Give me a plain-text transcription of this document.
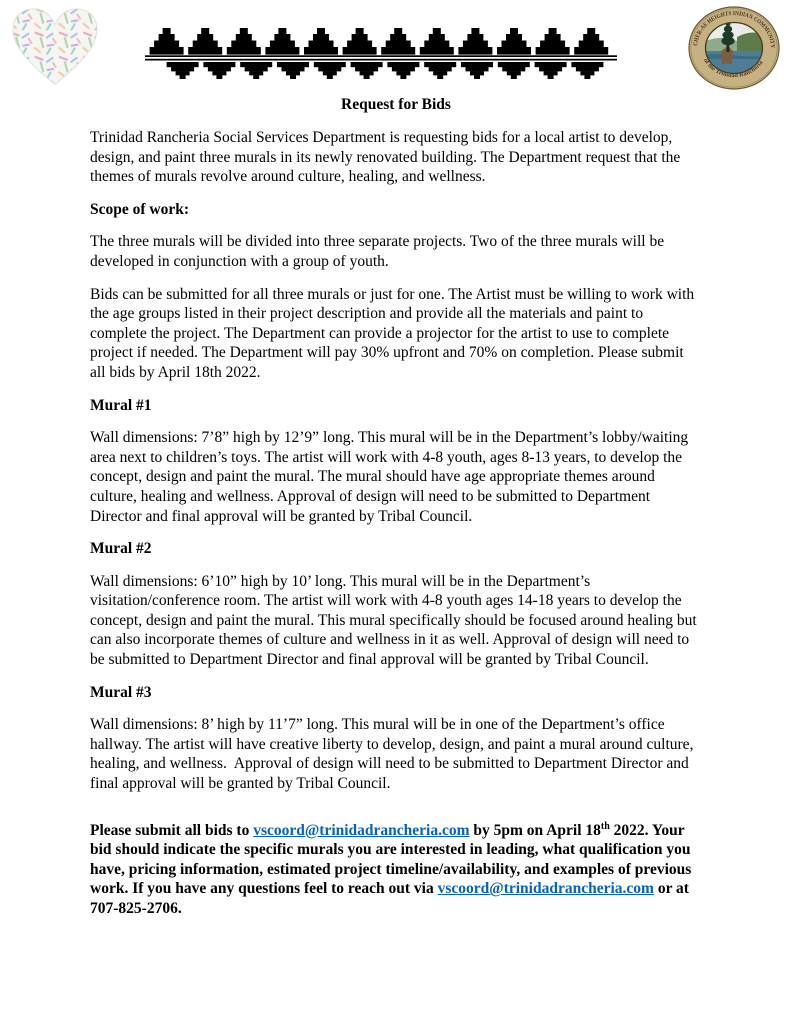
CHER-AE HEIGHTS INDIAN COMMUNITY
of the Trinidad Rancheria
Request for Bids

Trinidad Rancheria Social Services Department is requesting bids for a local artist to develop, design, and paint three murals in its newly renovated building. The Department request that the themes of murals revolve around culture, healing, and wellness.

Scope of work:

The three murals will be divided into three separate projects. Two of the three murals will be developed in conjunction with a group of youth.

Bids can be submitted for all three murals or just for one. The Artist must be willing to work with the age groups listed in their project description and provide all the materials and paint to complete the project. The Department can provide a projector for the artist to use to complete project if needed. The Department will pay 30% upfront and 70% on completion. Please submit all bids by April 18th 2022.

Mural #1

Wall dimensions: 7’8” high by 12’9” long. This mural will be in the Department’s lobby/waiting area next to children’s toys. The artist will work with 4-8 youth, ages 8-13 years, to develop the concept, design and paint the mural. The mural should have age appropriate themes around culture, healing and wellness. Approval of design will need to be submitted to Department Director and final approval will be granted by Tribal Council.

Mural #2

Wall dimensions: 6’10” high by 10’ long. This mural will be in the Department’s visitation/conference room. The artist will work with 4-8 youth ages 14-18 years to develop the concept, design and paint the mural. This mural specifically should be focused around healing but can also incorporate themes of culture and wellness in it as well. Approval of design will need to be submitted to Department Director and final approval will be granted by Tribal Council.

Mural #3

Wall dimensions: 8’ high by 11’7” long. This mural will be in one of the Department’s office hallway. The artist will have creative liberty to develop, design, and paint a mural around culture, healing, and wellness.  Approval of design will need to be submitted to Department Director and final approval will be granted by Tribal Council.

Please submit all bids to vscoord@trinidadrancheria.com by 5pm on April 18th 2022. Your bid should indicate the specific murals you are interested in leading, what qualification you have, pricing information, estimated project timeline/availability, and examples of previous work. If you have any questions feel to reach out via vscoord@trinidadrancheria.com or at 707-825-2706.
